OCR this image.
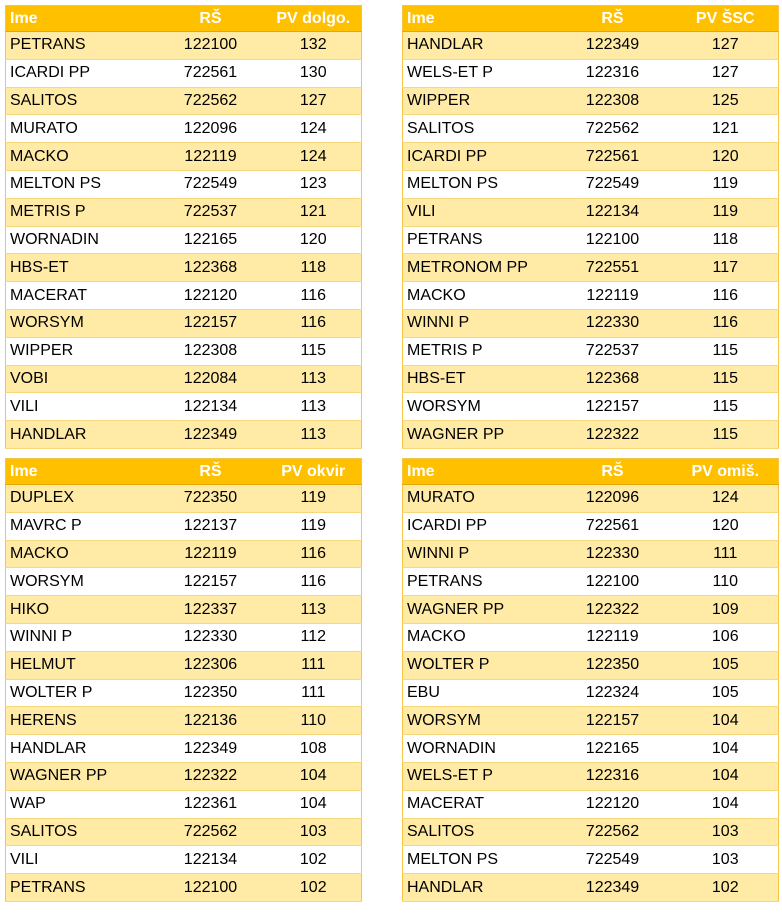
Ime	RŠ	PV dolgo.
PETRANS	122100	132
ICARDI PP	722561	130
SALITOS	722562	127
MURATO	122096	124
MACKO	122119	124
MELTON PS	722549	123
METRIS P	722537	121
WORNADIN	122165	120
HBS-ET	122368	118
MACERAT	122120	116
WORSYM	122157	116
WIPPER	122308	115
VOBI	122084	113
VILI	122134	113
HANDLAR	122349	113
Ime	RŠ	PV ŠSC
HANDLAR	122349	127
WELS-ET P	122316	127
WIPPER	122308	125
SALITOS	722562	121
ICARDI PP	722561	120
MELTON PS	722549	119
VILI	122134	119
PETRANS	122100	118
METRONOM PP	722551	117
MACKO	122119	116
WINNI P	122330	116
METRIS P	722537	115
HBS-ET	122368	115
WORSYM	122157	115
WAGNER PP	122322	115
Ime	RŠ	PV okvir
DUPLEX	722350	119
MAVRC P	122137	119
MACKO	122119	116
WORSYM	122157	116
HIKO	122337	113
WINNI P	122330	112
HELMUT	122306	111
WOLTER P	122350	111
HERENS	122136	110
HANDLAR	122349	108
WAGNER PP	122322	104
WAP	122361	104
SALITOS	722562	103
VILI	122134	102
PETRANS	122100	102
Ime	RŠ	PV omiš.
MURATO	122096	124
ICARDI PP	722561	120
WINNI P	122330	111
PETRANS	122100	110
WAGNER PP	122322	109
MACKO	122119	106
WOLTER P	122350	105
EBU	122324	105
WORSYM	122157	104
WORNADIN	122165	104
WELS-ET P	122316	104
MACERAT	122120	104
SALITOS	722562	103
MELTON PS	722549	103
HANDLAR	122349	102
